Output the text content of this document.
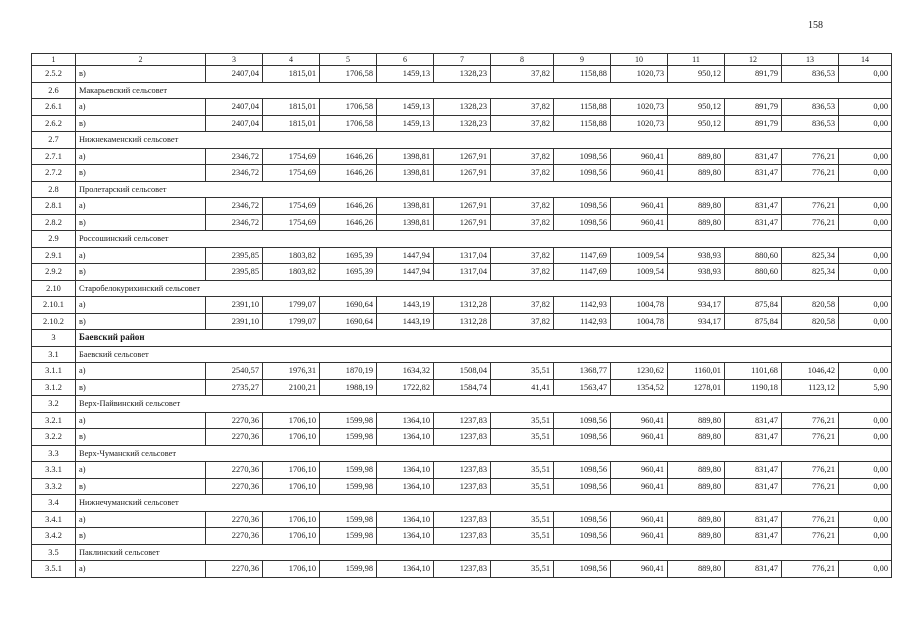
158
1	2	3	4	5	6	7	8	9	10	11	12	13	14
2.5.2	в)	2407,04	1815,01	1706,58	1459,13	1328,23	37,82	1158,88	1020,73	950,12	891,79	836,53	0,00
2.6	Макарьевский сельсовет												
2.6.1	а)	2407,04	1815,01	1706,58	1459,13	1328,23	37,82	1158,88	1020,73	950,12	891,79	836,53	0,00
2.6.2	в)	2407,04	1815,01	1706,58	1459,13	1328,23	37,82	1158,88	1020,73	950,12	891,79	836,53	0,00
2.7	Нижнекаменский сельсовет												
2.7.1	а)	2346,72	1754,69	1646,26	1398,81	1267,91	37,82	1098,56	960,41	889,80	831,47	776,21	0,00
2.7.2	в)	2346,72	1754,69	1646,26	1398,81	1267,91	37,82	1098,56	960,41	889,80	831,47	776,21	0,00
2.8	Пролетарский сельсовет												
2.8.1	а)	2346,72	1754,69	1646,26	1398,81	1267,91	37,82	1098,56	960,41	889,80	831,47	776,21	0,00
2.8.2	в)	2346,72	1754,69	1646,26	1398,81	1267,91	37,82	1098,56	960,41	889,80	831,47	776,21	0,00
2.9	Россошинский сельсовет												
2.9.1	а)	2395,85	1803,82	1695,39	1447,94	1317,04	37,82	1147,69	1009,54	938,93	880,60	825,34	0,00
2.9.2	в)	2395,85	1803,82	1695,39	1447,94	1317,04	37,82	1147,69	1009,54	938,93	880,60	825,34	0,00
2.10	Старобелокурихинский сельсовет												
2.10.1	а)	2391,10	1799,07	1690,64	1443,19	1312,28	37,82	1142,93	1004,78	934,17	875,84	820,58	0,00
2.10.2	в)	2391,10	1799,07	1690,64	1443,19	1312,28	37,82	1142,93	1004,78	934,17	875,84	820,58	0,00
3	Баевский район												
3.1	Баевский сельсовет												
3.1.1	а)	2540,57	1976,31	1870,19	1634,32	1508,04	35,51	1368,77	1230,62	1160,01	1101,68	1046,42	0,00
3.1.2	в)	2735,27	2100,21	1988,19	1722,82	1584,74	41,41	1563,47	1354,52	1278,01	1190,18	1123,12	5,90
3.2	Верх-Пайвинский сельсовет												
3.2.1	а)	2270,36	1706,10	1599,98	1364,10	1237,83	35,51	1098,56	960,41	889,80	831,47	776,21	0,00
3.2.2	в)	2270,36	1706,10	1599,98	1364,10	1237,83	35,51	1098,56	960,41	889,80	831,47	776,21	0,00
3.3	Верх-Чуманский сельсовет												
3.3.1	а)	2270,36	1706,10	1599,98	1364,10	1237,83	35,51	1098,56	960,41	889,80	831,47	776,21	0,00
3.3.2	в)	2270,36	1706,10	1599,98	1364,10	1237,83	35,51	1098,56	960,41	889,80	831,47	776,21	0,00
3.4	Нижнечуманский сельсовет												
3.4.1	а)	2270,36	1706,10	1599,98	1364,10	1237,83	35,51	1098,56	960,41	889,80	831,47	776,21	0,00
3.4.2	в)	2270,36	1706,10	1599,98	1364,10	1237,83	35,51	1098,56	960,41	889,80	831,47	776,21	0,00
3.5	Паклинский сельсовет												
3.5.1	а)	2270,36	1706,10	1599,98	1364,10	1237,83	35,51	1098,56	960,41	889,80	831,47	776,21	0,00
